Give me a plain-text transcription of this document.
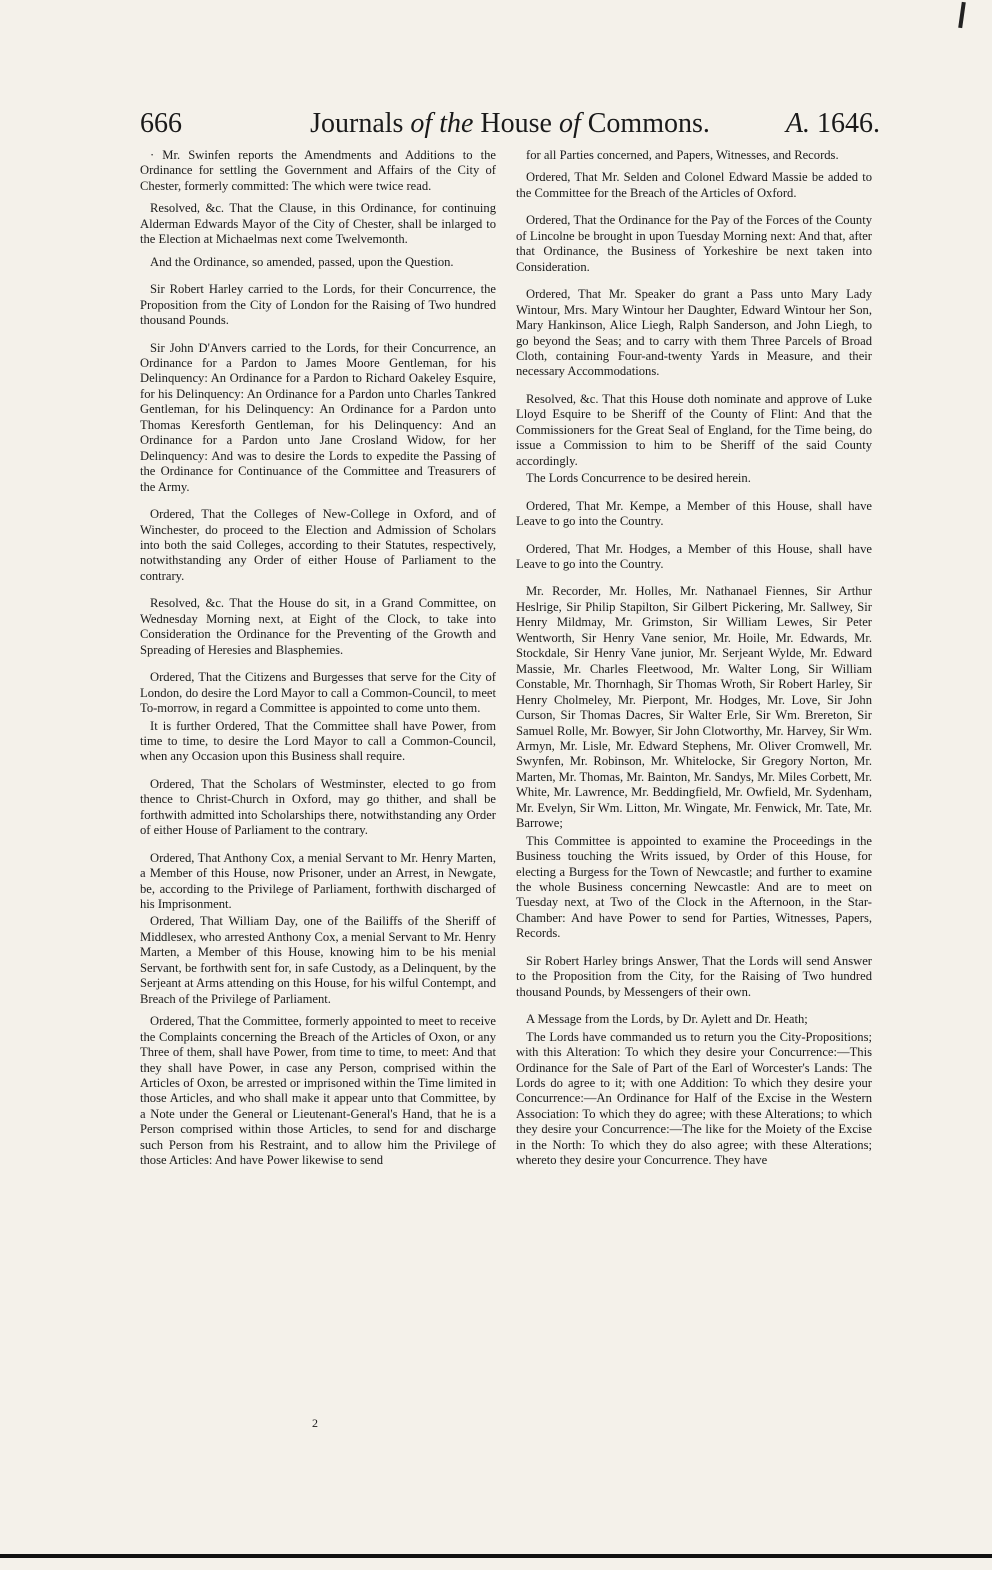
666	Journals of the House of Commons.	A. 1646.

· Mr. Swinfen reports the Amendments and Additions to the Ordinance for settling the Government and Affairs of the City of Chester, formerly committed: The which were twice read.

Resolved, &c. That the Clause, in this Ordinance, for continuing Alderman Edwards Mayor of the City of Chester, shall be inlarged to the Election at Michaelmas next come Twelvemonth.

And the Ordinance, so amended, passed, upon the Question.

Sir Robert Harley carried to the Lords, for their Concurrence, the Proposition from the City of London for the Raising of Two hundred thousand Pounds.

Sir John D'Anvers carried to the Lords, for their Concurrence, an Ordinance for a Pardon to James Moore Gentleman, for his Delinquency: An Ordinance for a Pardon to Richard Oakeley Esquire, for his Delinquency: An Ordinance for a Pardon unto Charles Tankred Gentleman, for his Delinquency: An Ordinance for a Pardon unto Thomas Keresforth Gentleman, for his Delinquency: And an Ordinance for a Pardon unto Jane Crosland Widow, for her Delinquency: And was to desire the Lords to expedite the Passing of the Ordinance for Continuance of the Committee and Treasurers of the Army.

Ordered, That the Colleges of New-College in Oxford, and of Winchester, do proceed to the Election and Admission of Scholars into both the said Colleges, according to their Statutes, respectively, notwithstanding any Order of either House of Parliament to the contrary.

Resolved, &c. That the House do sit, in a Grand Committee, on Wednesday Morning next, at Eight of the Clock, to take into Consideration the Ordinance for the Preventing of the Growth and Spreading of Heresies and Blasphemies.

Ordered, That the Citizens and Burgesses that serve for the City of London, do desire the Lord Mayor to call a Common-Council, to meet To-morrow, in regard a Committee is appointed to come unto them.

It is further Ordered, That the Committee shall have Power, from time to time, to desire the Lord Mayor to call a Common-Council, when any Occasion upon this Business shall require.

Ordered, That the Scholars of Westminster, elected to go from thence to Christ-Church in Oxford, may go thither, and shall be forthwith admitted into Scholarships there, notwithstanding any Order of either House of Parliament to the contrary.

Ordered, That Anthony Cox, a menial Servant to Mr. Henry Marten, a Member of this House, now Prisoner, under an Arrest, in Newgate, be, according to the Privilege of Parliament, forthwith discharged of his Imprisonment.

Ordered, That William Day, one of the Bailiffs of the Sheriff of Middlesex, who arrested Anthony Cox, a menial Servant to Mr. Henry Marten, a Member of this House, knowing him to be his menial Servant, be forthwith sent for, in safe Custody, as a Delinquent, by the Serjeant at Arms attending on this House, for his wilful Contempt, and Breach of the Privilege of Parliament.

Ordered, That the Committee, formerly appointed to meet to receive the Complaints concerning the Breach of the Articles of Oxon, or any Three of them, shall have Power, from time to time, to meet: And that they shall have Power, in case any Person, comprised within the Articles of Oxon, be arrested or imprisoned within the Time limited in those Articles, and who shall make it appear unto that Committee, by a Note under the General or Lieutenant-General's Hand, that he is a Person comprised within those Articles, to send for and discharge such Person from his Restraint, and to allow him the Privilege of those Articles: And have Power likewise to send

for all Parties concerned, and Papers, Witnesses, and Records.

Ordered, That Mr. Selden and Colonel Edward Massie be added to the Committee for the Breach of the Articles of Oxford.

Ordered, That the Ordinance for the Pay of the Forces of the County of Lincolne be brought in upon Tuesday Morning next: And that, after that Ordinance, the Business of Yorkeshire be next taken into Consideration.

Ordered, That Mr. Speaker do grant a Pass unto Mary Lady Wintour, Mrs. Mary Wintour her Daughter, Edward Wintour her Son, Mary Hankinson, Alice Liegh, Ralph Sanderson, and John Liegh, to go beyond the Seas; and to carry with them Three Parcels of Broad Cloth, containing Four-and-twenty Yards in Measure, and their necessary Accommodations.

Resolved, &c. That this House doth nominate and approve of Luke Lloyd Esquire to be Sheriff of the County of Flint: And that the Commissioners for the Great Seal of England, for the Time being, do issue a Commission to him to be Sheriff of the said County accordingly.

The Lords Concurrence to be desired herein.

Ordered, That Mr. Kempe, a Member of this House, shall have Leave to go into the Country.

Ordered, That Mr. Hodges, a Member of this House, shall have Leave to go into the Country.

Mr. Recorder, Mr. Holles, Mr. Nathanael Fiennes, Sir Arthur Heslrige, Sir Philip Stapilton, Sir Gilbert Pickering, Mr. Sallwey, Sir Henry Mildmay, Mr. Grimston, Sir William Lewes, Sir Peter Wentworth, Sir Henry Vane senior, Mr. Hoile, Mr. Edwards, Mr. Stockdale, Sir Henry Vane junior, Mr. Serjeant Wylde, Mr. Edward Massie, Mr. Charles Fleetwood, Mr. Walter Long, Sir William Constable, Mr. Thornhagh, Sir Thomas Wroth, Sir Robert Harley, Sir Henry Cholmeley, Mr. Pierpont, Mr. Hodges, Mr. Love, Sir John Curson, Sir Thomas Dacres, Sir Walter Erle, Sir Wm. Brereton, Sir Samuel Rolle, Mr. Bowyer, Sir John Clotworthy, Mr. Harvey, Sir Wm. Armyn, Mr. Lisle, Mr. Edward Stephens, Mr. Oliver Cromwell, Mr. Swynfen, Mr. Robinson, Mr. Whitelocke, Sir Gregory Norton, Mr. Marten, Mr. Thomas, Mr. Bainton, Mr. Sandys, Mr. Miles Corbett, Mr. White, Mr. Lawrence, Mr. Beddingfield, Mr. Owfield, Mr. Sydenham, Mr. Evelyn, Sir Wm. Litton, Mr. Wingate, Mr. Fenwick, Mr. Tate, Mr. Barrowe;

This Committee is appointed to examine the Proceedings in the Business touching the Writs issued, by Order of this House, for electing a Burgess for the Town of Newcastle; and further to examine the whole Business concerning Newcastle: And are to meet on Tuesday next, at Two of the Clock in the Afternoon, in the Star-Chamber: And have Power to send for Parties, Witnesses, Papers, Records.

Sir Robert Harley brings Answer, That the Lords will send Answer to the Proposition from the City, for the Raising of Two hundred thousand Pounds, by Messengers of their own.

A Message from the Lords, by Dr. Aylett and Dr. Heath;

The Lords have commanded us to return you the City-Propositions; with this Alteration: To which they desire your Concurrence:—This Ordinance for the Sale of Part of the Earl of Worcester's Lands: The Lords do agree to it; with one Addition: To which they desire your Concurrence:—An Ordinance for Half of the Excise in the Western Association: To which they do agree; with these Alterations; to which they desire your Concurrence:—The like for the Moiety of the Excise in the North: To which they do also agree; with these Alterations; whereto they desire your Concurrence. They have

2
